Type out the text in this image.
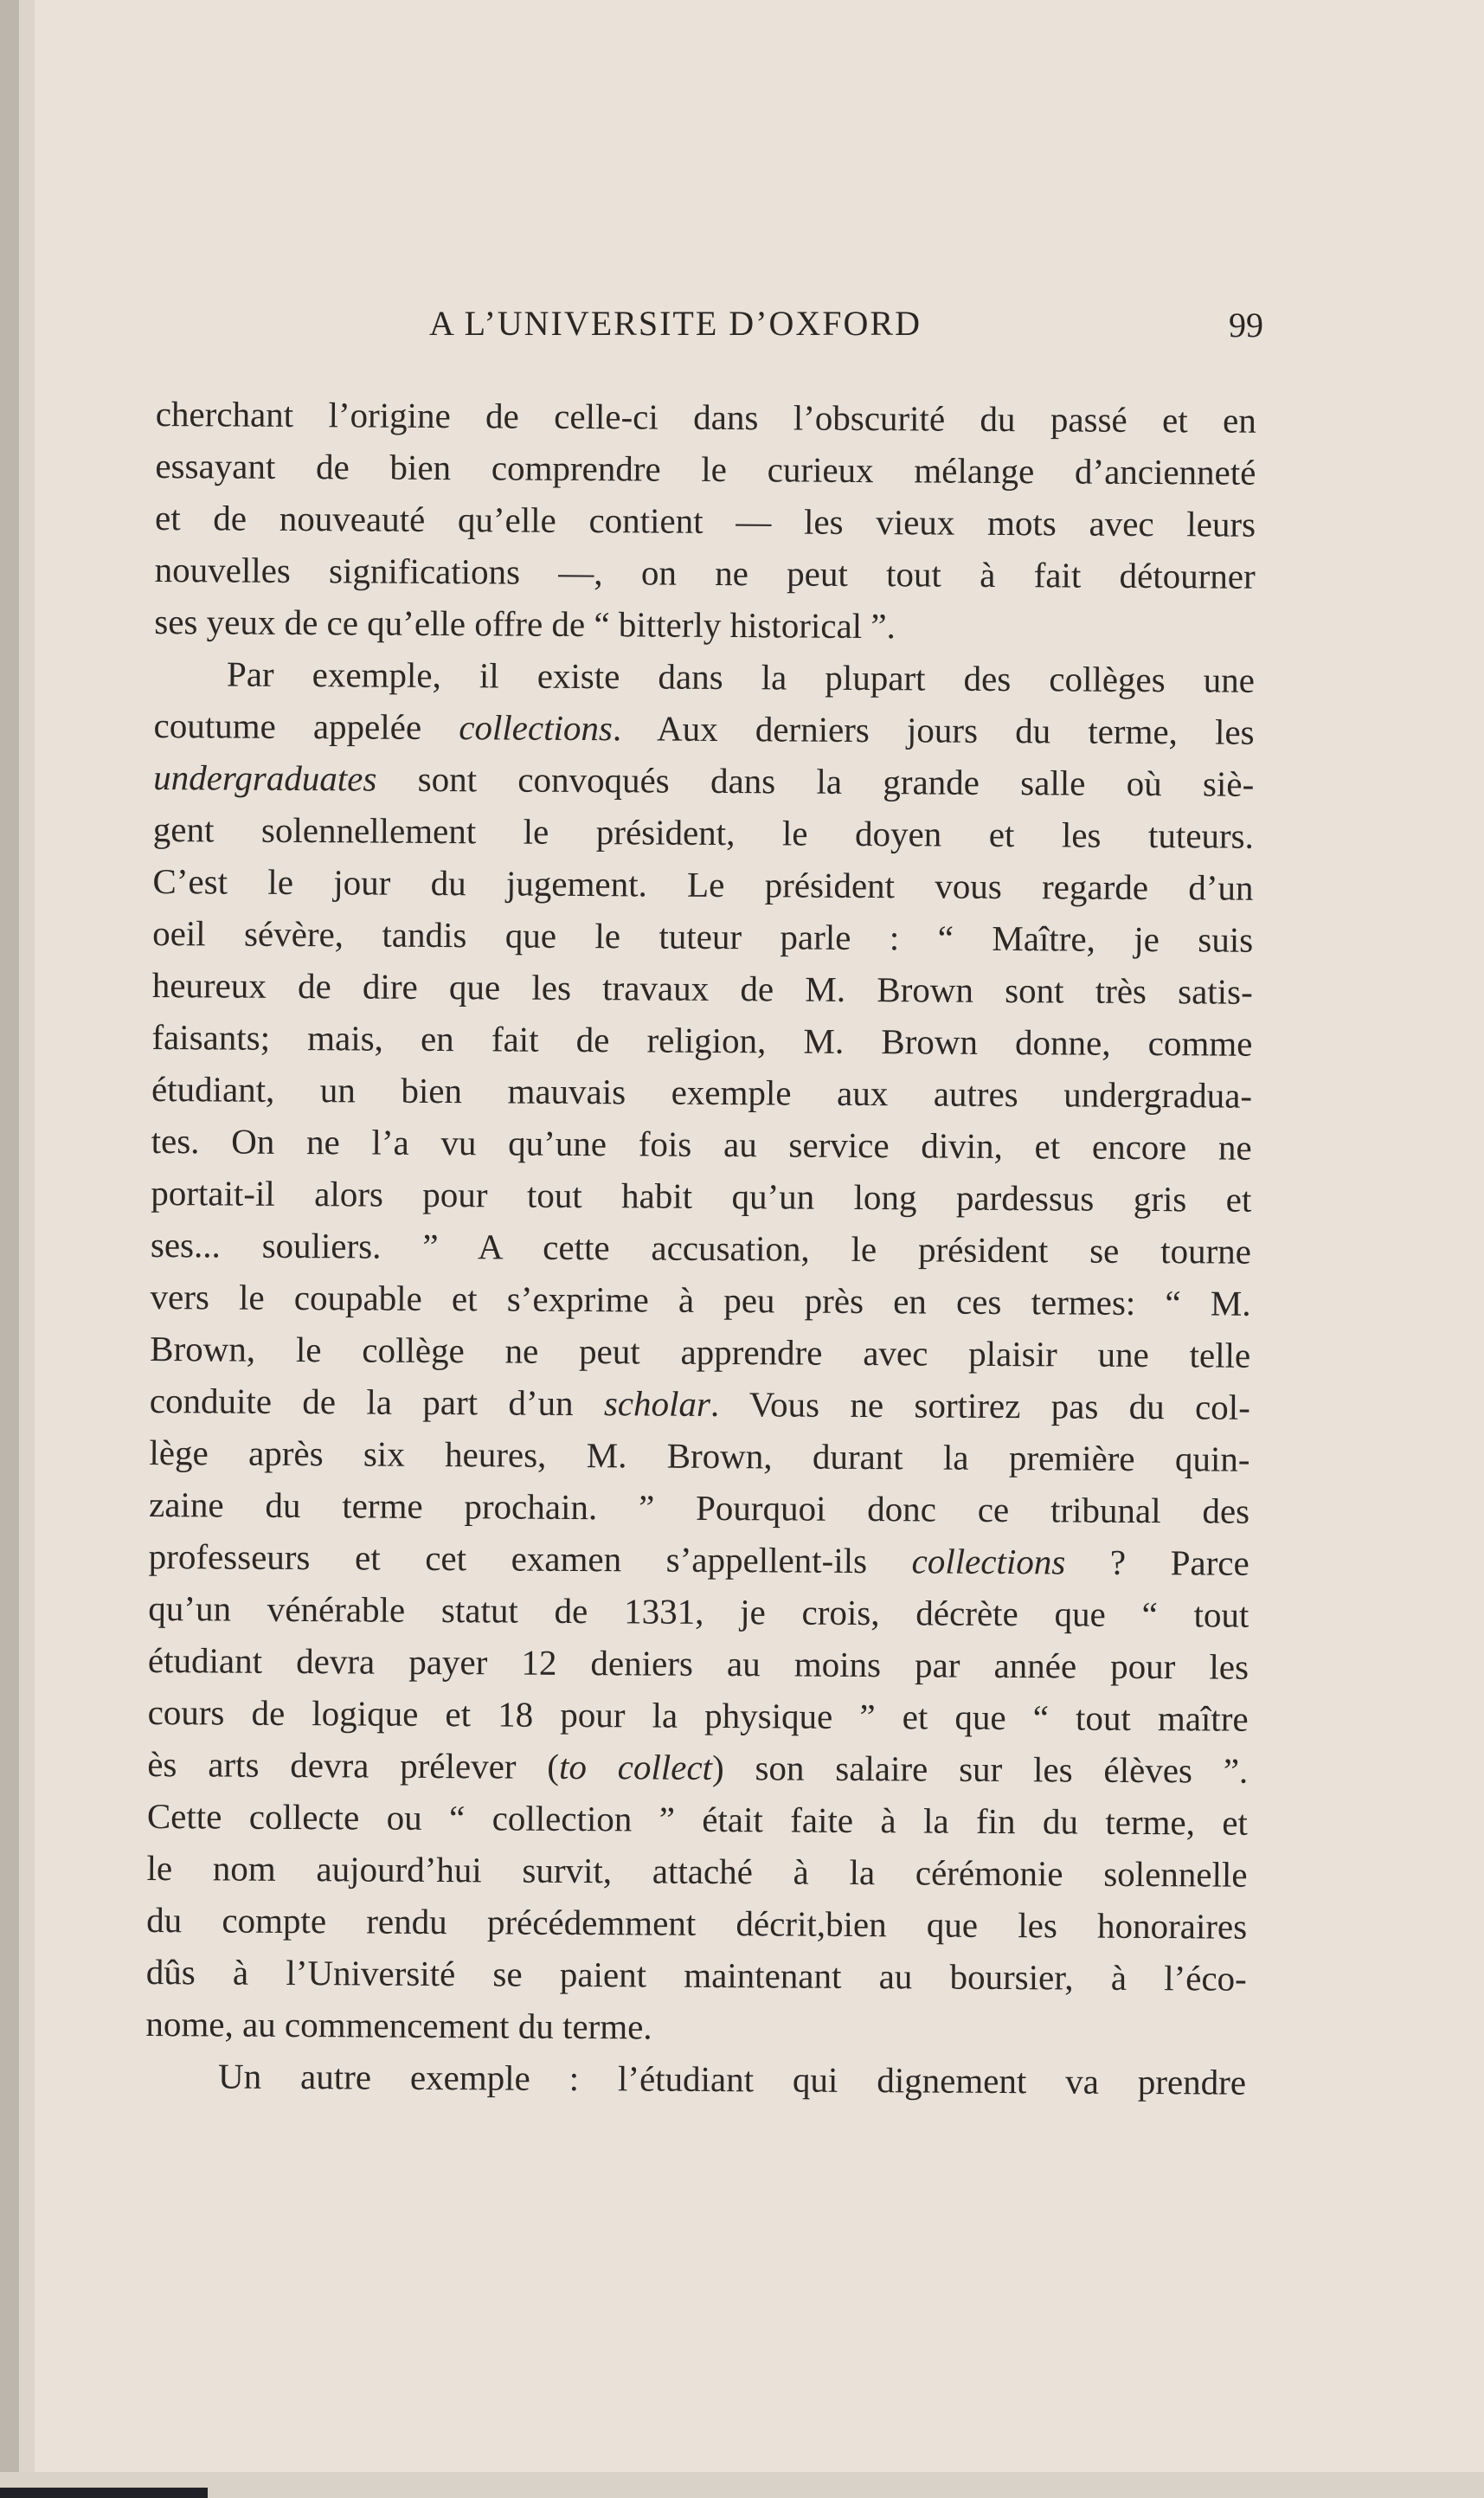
A L’UNIVERSITE D’OXFORD	99
cherchant l’origine de celle-ci dans l’obscurité du passé et en
essayant de bien comprendre le curieux mélange d’ancienneté
et de nouveauté qu’elle contient — les vieux mots avec leurs
nouvelles significations —, on ne peut tout à fait détourner
ses yeux de ce qu’elle offre de “ bitterly historical ”.
Par exemple, il existe dans la plupart des collèges une
coutume appelée collections. Aux derniers jours du terme, les
undergraduates sont convoqués dans la grande salle où siè-
gent solennellement le président, le doyen et les tuteurs.
C’est le jour du jugement. Le président vous regarde d’un
oeil sévère, tandis que le tuteur parle : “ Maître, je suis
heureux de dire que les travaux de M. Brown sont très satis-
faisants; mais, en fait de religion, M. Brown donne, comme
étudiant, un bien mauvais exemple aux autres undergradua-
tes. On ne l’a vu qu’une fois au service divin, et encore ne
portait-il alors pour tout habit qu’un long pardessus gris et
ses... souliers. ” A cette accusation, le président se tourne
vers le coupable et s’exprime à peu près en ces termes: “ M.
Brown, le collège ne peut apprendre avec plaisir une telle
conduite de la part d’un scholar. Vous ne sortirez pas du col-
lège après six heures, M. Brown, durant la première quin-
zaine du terme prochain. ” Pourquoi donc ce tribunal des
professeurs et cet examen s’appellent-ils collections ? Parce
qu’un vénérable statut de 1331, je crois, décrète que “ tout
étudiant devra payer 12 deniers au moins par année pour les
cours de logique et 18 pour la physique ” et que “ tout maître
ès arts devra prélever (to collect) son salaire sur les élèves ”.
Cette collecte ou “ collection ” était faite à la fin du terme, et
le nom aujourd’hui survit, attaché à la cérémonie solennelle
du compte rendu précédemment décrit,bien que les honoraires
dûs à l’Université se paient maintenant au boursier, à l’éco-
nome, au commencement du terme.
Un autre exemple : l’étudiant qui dignement va prendre
